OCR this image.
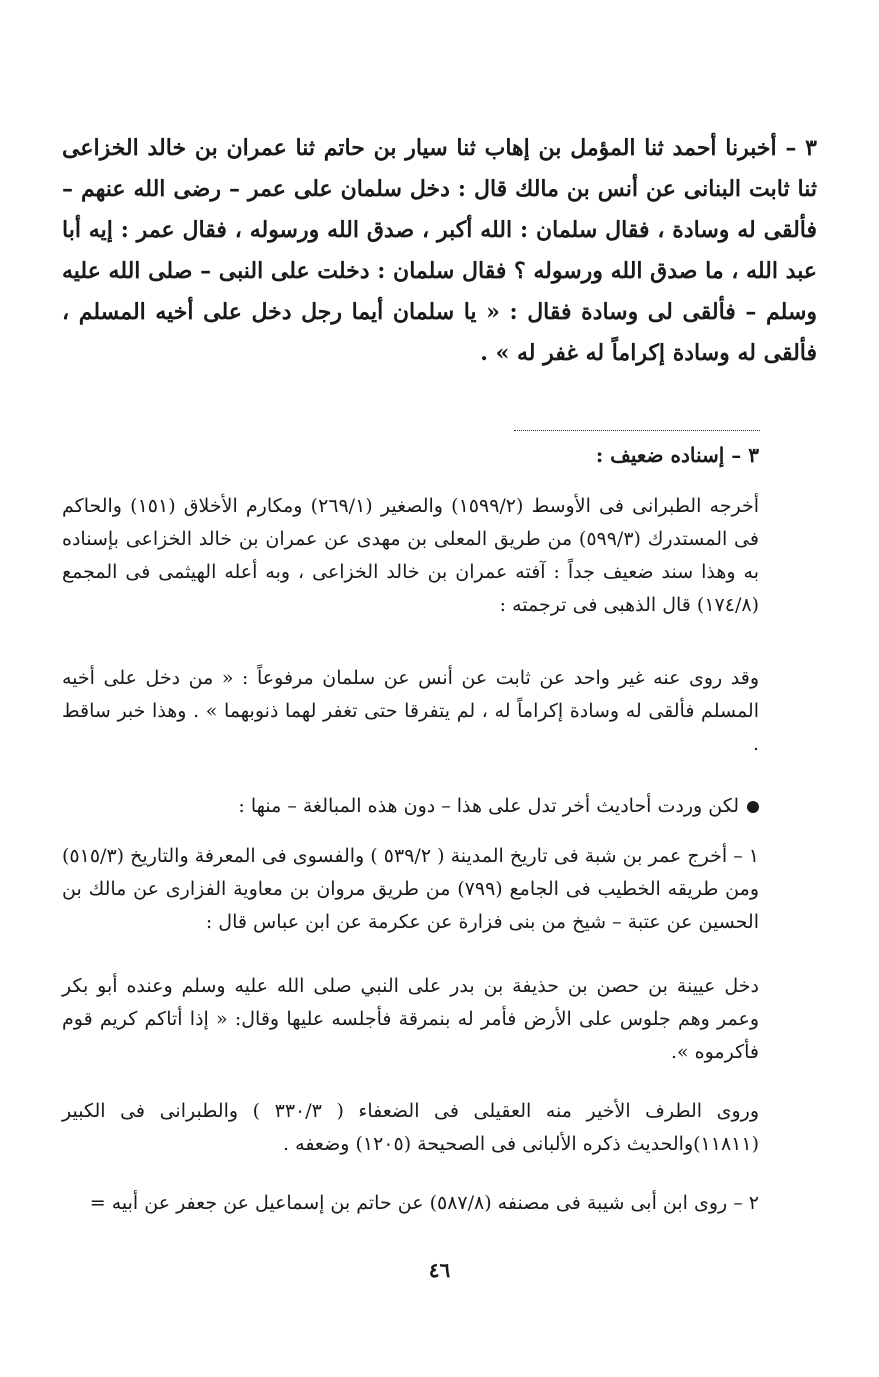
٣ – أخبرنا أحمد ثنا المؤمل بن إهاب ثنا سيار بن حاتم ثنا عمران بن خالد الخزاعى ثنا ثابت البنانى عن أنس بن مالك قال : دخل سلمان على عمر – رضى الله عنهم – فألقى له وسادة ، فقال سلمان : الله أكبر ، صدق الله ورسوله ، فقال عمر : إيه أبا عبد الله ، ما صدق الله ورسوله ؟ فقال سلمان : دخلت على النبى – صلى الله عليه وسلم – فألقى لى وسادة فقال : « يا سلمان أيما رجل دخل على أخيه المسلم ، فألقى له وسادة إكراماً له غفر له » .
٣ – إسناده ضعيف :
أخرجه الطبرانى فى الأوسط (١٥٩٩/٢) والصغير (٢٦٩/١) ومكارم الأخلاق (١٥١) والحاكم فى المستدرك (٥٩٩/٣) من طريق المعلى بن مهدى عن عمران بن خالد الخزاعى بإسناده به وهذا سند ضعيف جداً : آفته عمران بن خالد الخزاعى ، وبه أعله الهيثمى فى المجمع (١٧٤/٨) قال الذهبى فى ترجمته :
وقد روى عنه غير واحد عن ثابت عن أنس عن سلمان مرفوعاً : « من دخل على أخيه المسلم فألقى له وسادة إكراماً له ، لم يتفرقا حتى تغفر لهما ذنوبهما » . وهذا خبر ساقط .
لكن وردت أحاديث أخر تدل على هذا – دون هذه المبالغة – منها :
١ – أخرج عمر بن شبة فى تاريخ المدينة ( ٥٣٩/٢ ) والفسوى فى المعرفة والتاريخ (٥١٥/٣) ومن طريقه الخطيب فى الجامع (٧٩٩) من طريق مروان بن معاوية الفزارى عن مالك بن الحسين عن عتبة – شيخ من بنى فزارة عن عكرمة عن ابن عباس قال :
دخل عيينة بن حصن بن حذيفة بن بدر على النبي صلى الله عليه وسلم وعنده أبو بكر وعمر وهم جلوس على الأرض فأمر له بنمرقة فأجلسه عليها وقال: « إذا أتاكم كريم قوم فأكرموه ».
وروى الطرف الأخير منه العقيلى فى الضعفاء ( ٣٣٠/٣ ) والطبرانى فى الكبير (١١٨١١)والحديث ذكره الألبانى فى الصحيحة (١٢٠٥) وضعفه .
٢ – روى ابن أبى شيبة فى مصنفه (٥٨٧/٨) عن حاتم بن إسماعيل عن جعفر عن أبيه =
٤٦
